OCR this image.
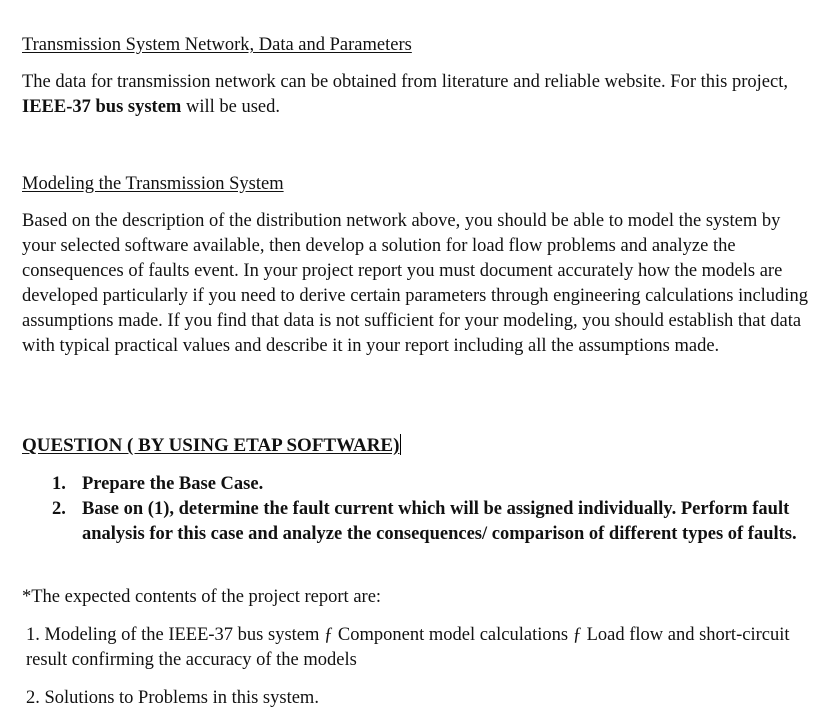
Transmission System Network, Data and Parameters
The data for transmission network can be obtained from literature and reliable website. For this project, IEEE-37 bus system will be used.
Modeling the Transmission System
Based on the description of the distribution network above, you should be able to model the system by your selected software available, then develop a solution for load flow problems and analyze the consequences of faults event. In your project report you must document accurately how the models are developed particularly if you need to derive certain parameters through engineering calculations including assumptions made. If you find that data is not sufficient for your modeling, you should establish that data with typical practical values and describe it in your report including all the assumptions made.
QUESTION ( BY USING ETAP SOFTWARE)
1. Prepare the Base Case.
2. Base on (1), determine the fault current which will be assigned individually. Perform fault analysis for this case and analyze the consequences/ comparison of different types of faults.
*The expected contents of the project report are:
1. Modeling of the IEEE-37 bus system ƒ Component model calculations ƒ Load flow and short-circuit result confirming the accuracy of the models
2. Solutions to Problems in this system.
